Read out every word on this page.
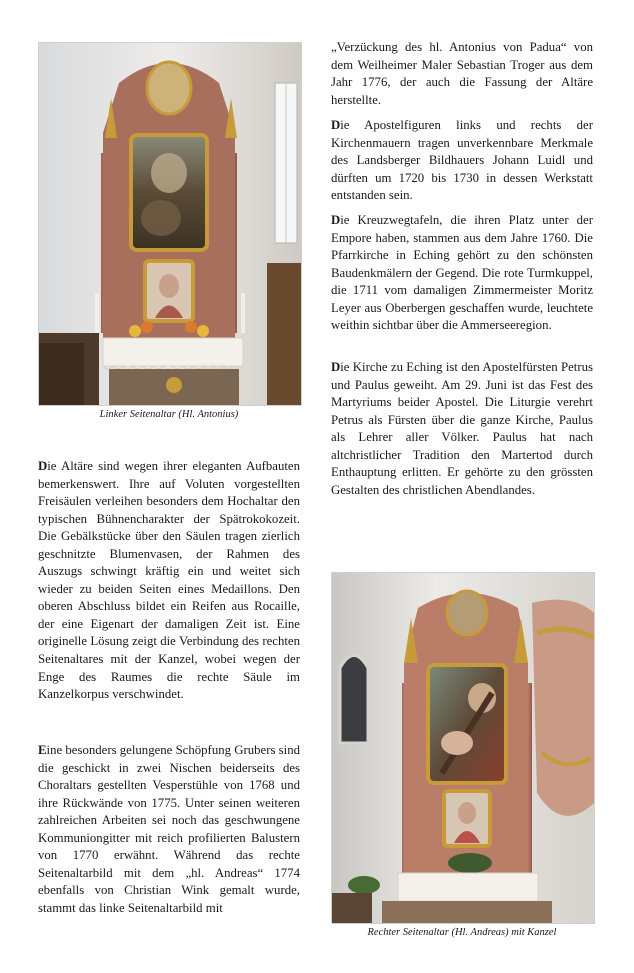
Linker Seitenaltar (Hl. Antonius)

Die Altäre sind wegen ihrer eleganten Aufbauten bemerkenswert. Ihre auf Voluten vorgestellten Freisäulen verleihen besonders dem Hochaltar den typischen Bühnencharakter der Spätrokokozeit. Die Gebälkstücke über den Säulen tragen zierlich geschnitzte Blumenvasen, der Rahmen des Auszugs schwingt kräftig ein und weitet sich wieder zu beiden Seiten eines Medaillons. Den oberen Abschluss bildet ein Reifen aus Rocaille, der eine Eigenart der damaligen Zeit ist. Eine originelle Lösung zeigt die Verbindung des rechten Seitenaltares mit der Kanzel, wobei wegen der Enge des Raumes die rechte Säule im Kanzelkorpus verschwindet.

Eine besonders gelungene Schöpfung Grubers sind die geschickt in zwei Nischen beiderseits des Choraltars gestellten Vesperstühle von 1768 und ihre Rückwände von 1775. Unter seinen weiteren zahlreichen Arbeiten sei noch das geschwungene Kommuniongitter mit reich profilierten Balustern von 1770 erwähnt. Während das rechte Seitenaltarbild mit dem „hl. Andreas“ 1774 ebenfalls von Christian Wink gemalt wurde, stammt das linke Seitenaltarbild mit

„Verzückung des hl. Antonius von Padua“ von dem Weilheimer Maler Sebastian Troger aus dem Jahr 1776, der auch die Fassung der Altäre herstellte.

Die Apostelfiguren links und rechts der Kirchenmauern tragen unverkennbare Merkmale des Landsberger Bildhauers Johann Luidl und dürften um 1720 bis 1730 in dessen Werkstatt entstanden sein.

Die Kreuzwegtafeln, die ihren Platz unter der Empore haben, stammen aus dem Jahre 1760. Die Pfarrkirche in Eching gehört zu den schönsten Baudenkmälern der Gegend. Die rote Turmkuppel, die 1711 vom damaligen Zimmermeister Moritz Leyer aus Oberbergen geschaffen wurde, leuchtete weithin sichtbar über die Ammerseeregion.

Die Kirche zu Eching ist den Apostelfürsten Petrus und Paulus geweiht. Am 29. Juni ist das Fest des Martyriums beider Apostel. Die Liturgie verehrt Petrus als Fürsten über die ganze Kirche, Paulus als Lehrer aller Völker. Paulus hat nach altchristlicher Tradition den Martertod durch Enthauptung erlitten. Er gehörte zu den grössten Gestalten des christlichen Abendlandes.

Rechter Seitenaltar (Hl. Andreas) mit Kanzel
